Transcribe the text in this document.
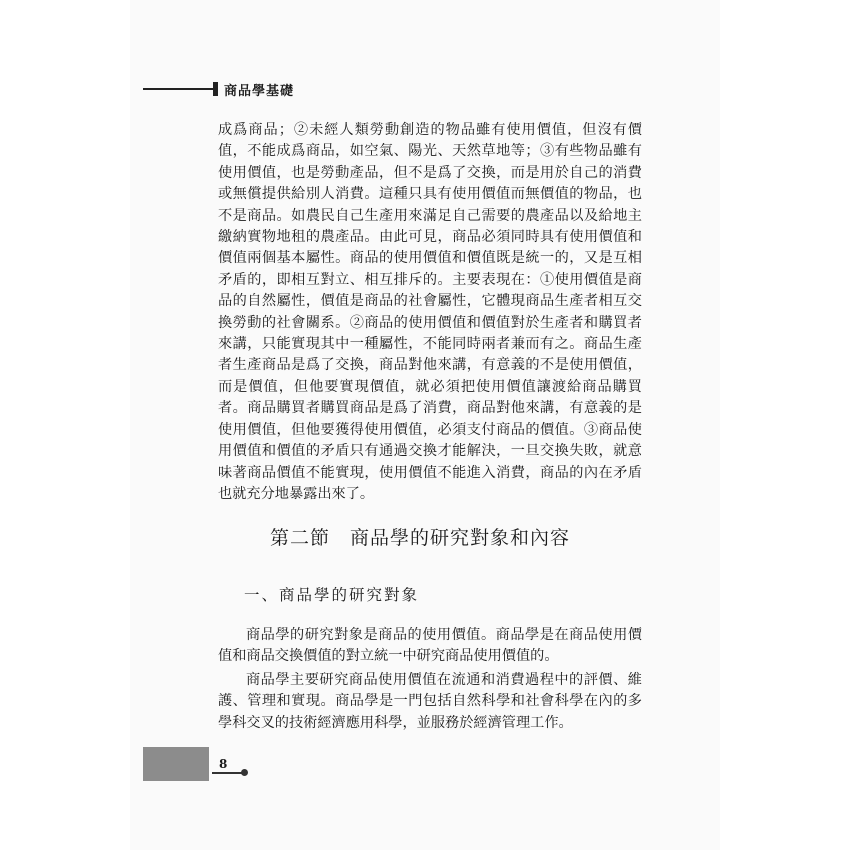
商品學基礎

成爲商品；②未經人類勞動創造的物品雖有使用價值，但沒有價值，不能成爲商品，如空氣、陽光、天然草地等；③有些物品雖有使用價值，也是勞動產品，但不是爲了交換，而是用於自己的消費或無償提供給別人消費。這種只具有使用價值而無價值的物品，也不是商品。如農民自己生產用來滿足自己需要的農產品以及給地主繳納實物地租的農產品。由此可見，商品必須同時具有使用價值和價值兩個基本屬性。商品的使用價值和價值既是統一的，又是互相矛盾的，即相互對立、相互排斥的。主要表現在：①使用價值是商品的自然屬性，價值是商品的社會屬性，它體現商品生產者相互交換勞動的社會關系。②商品的使用價值和價值對於生產者和購買者來講，只能實現其中一種屬性，不能同時兩者兼而有之。商品生產者生產商品是爲了交換，商品對他來講，有意義的不是使用價值，而是價值，但他要實現價值，就必須把使用價值讓渡給商品購買者。商品購買者購買商品是爲了消費，商品對他來講，有意義的是使用價值，但他要獲得使用價值，必須支付商品的價值。③商品使用價值和價值的矛盾只有通過交換才能解決，一旦交換失敗，就意味著商品價值不能實現，使用價值不能進入消費，商品的內在矛盾也就充分地暴露出來了。

第二節　商品學的研究對象和內容
一、商品學的研究對象

商品學的研究對象是商品的使用價值。商品學是在商品使用價值和商品交換價值的對立統一中研究商品使用價值的。

商品學主要研究商品使用價值在流通和消費過程中的評價、維護、管理和實現。商品學是一門包括自然科學和社會科學在內的多學科交叉的技術經濟應用科學，並服務於經濟管理工作。

8
